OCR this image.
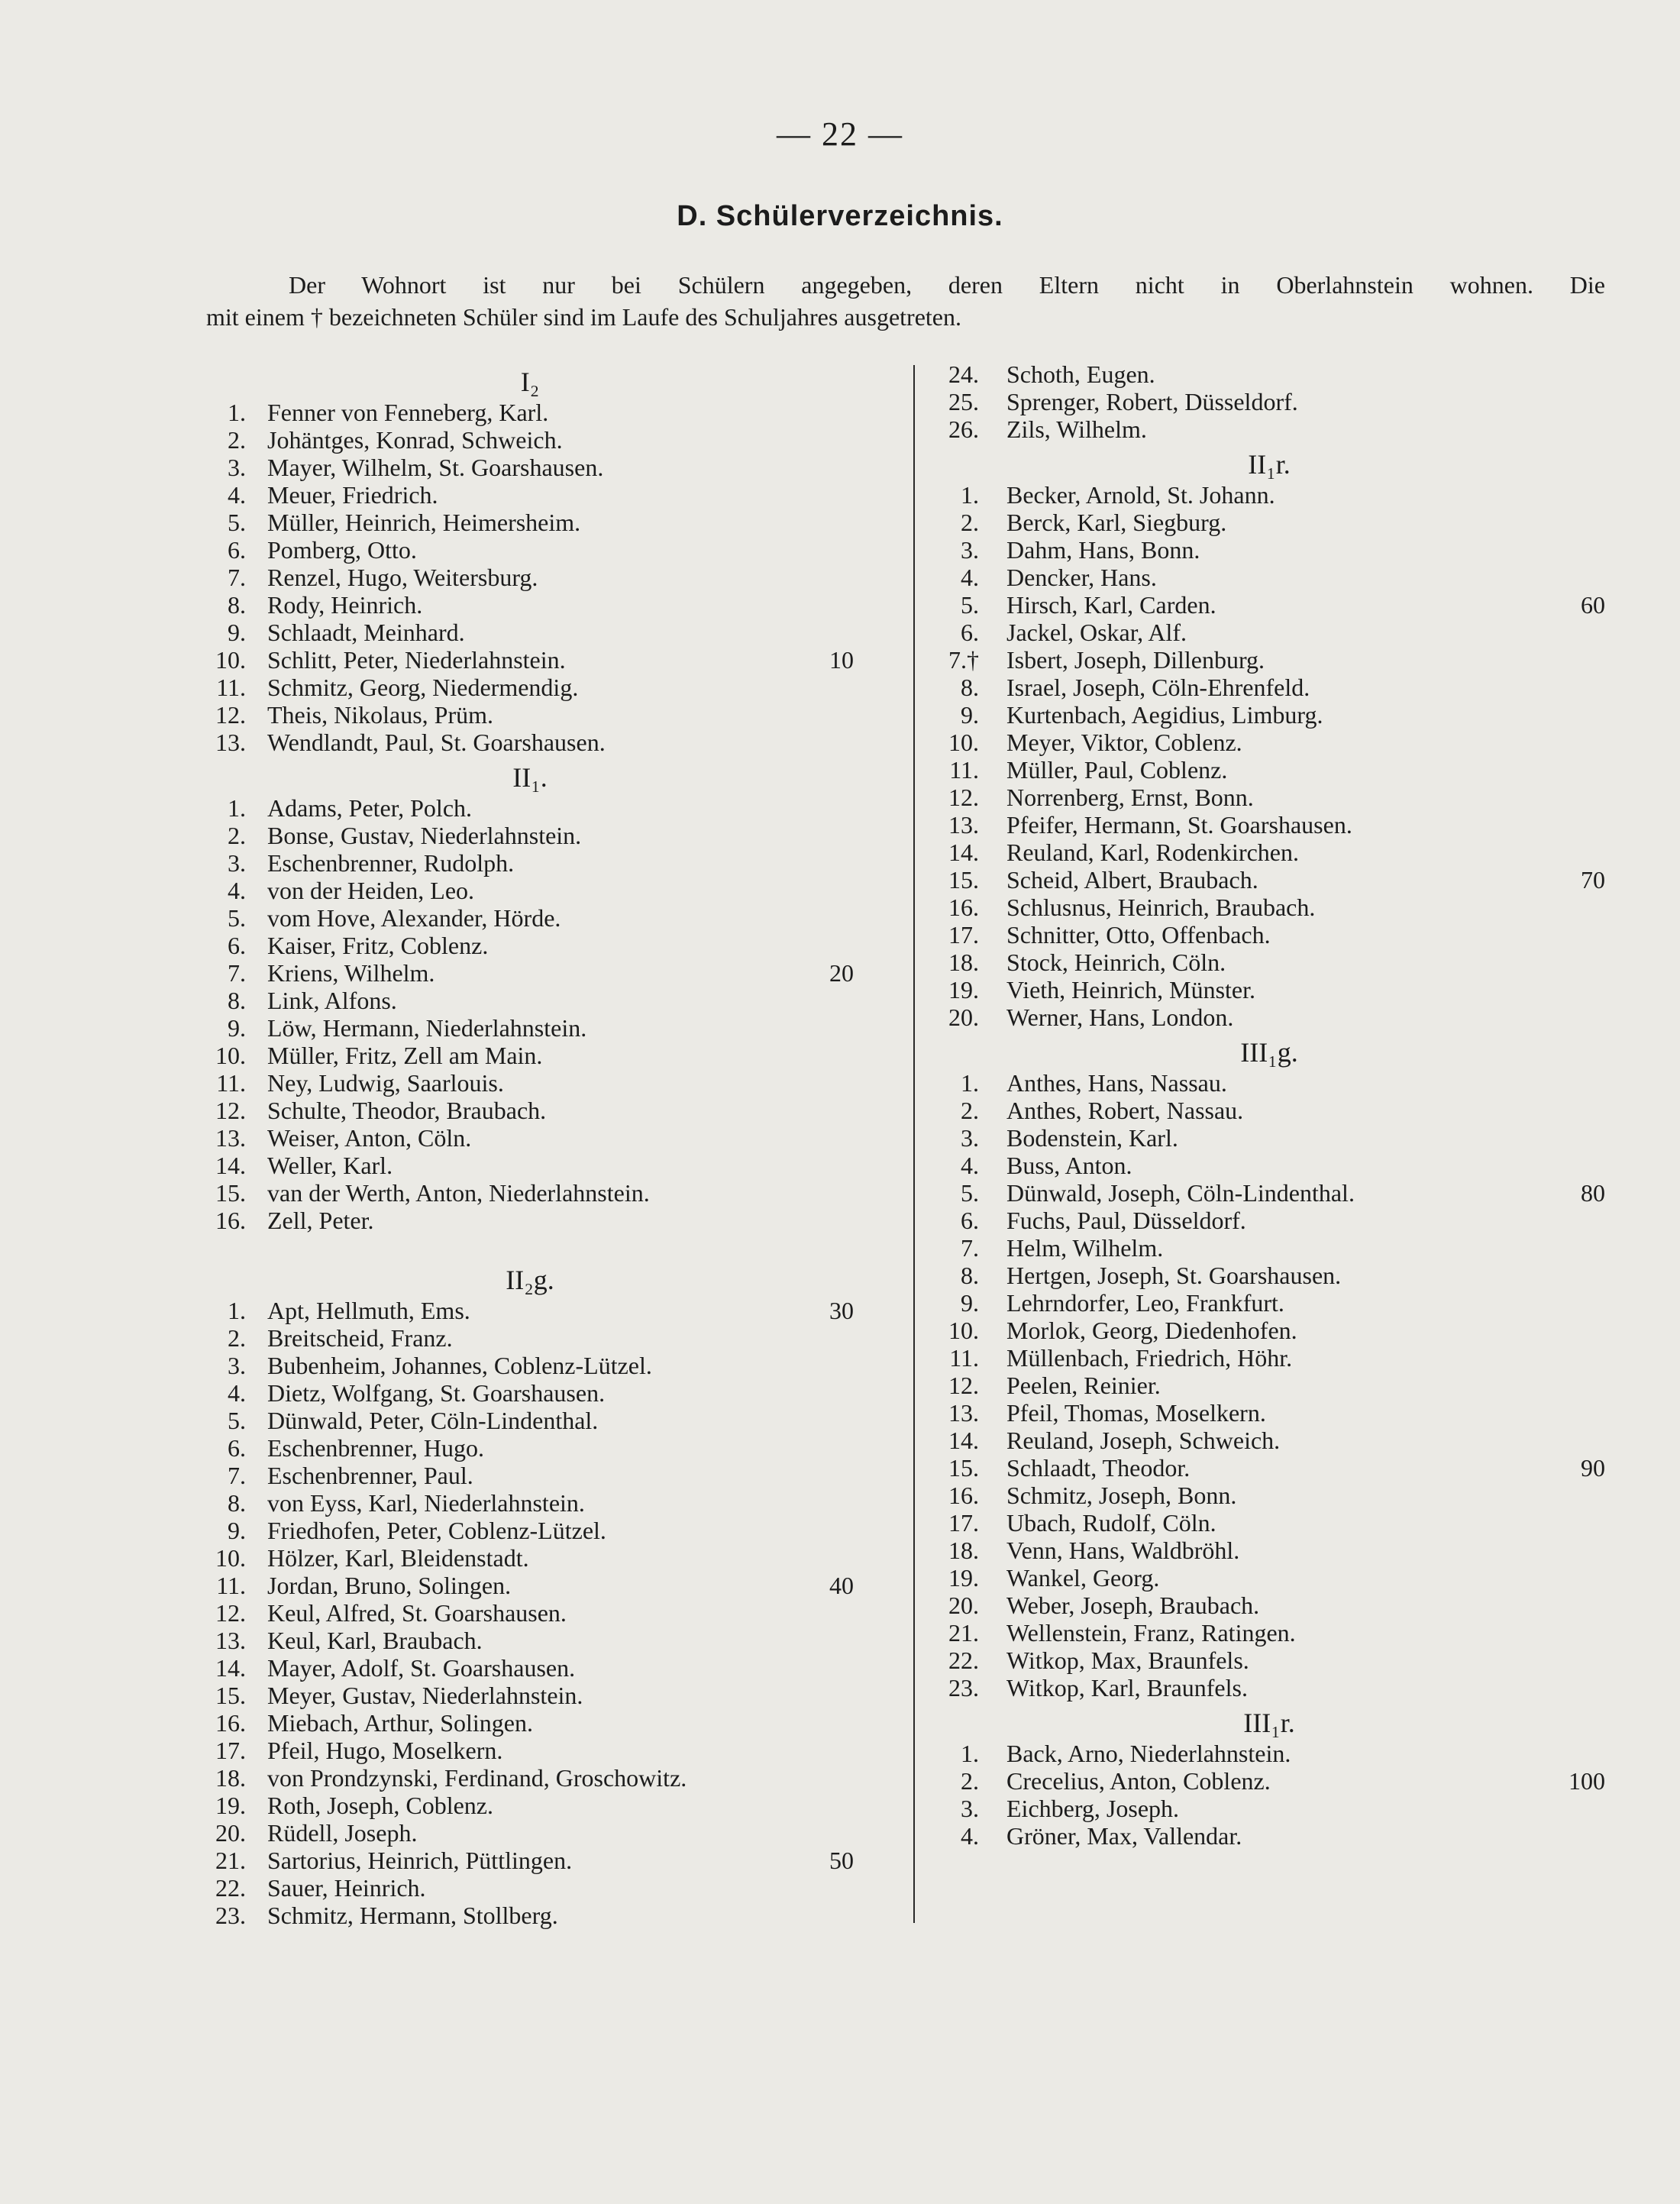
— 22 —
D. Schülerverzeichnis.
Der Wohnort ist nur bei Schülern angegeben, deren Eltern nicht in Oberlahnstein wohnen. Die
mit einem † bezeichneten Schüler sind im Laufe des Schuljahres ausgetreten.
I₂
1. Fenner von Fenneberg, Karl.
2. Johäntges, Konrad, Schweich.
3. Mayer, Wilhelm, St. Goarshausen.
4. Meuer, Friedrich.
5. Müller, Heinrich, Heimersheim.
6. Pomberg, Otto.
7. Renzel, Hugo, Weitersburg.
8. Rody, Heinrich.
9. Schlaadt, Meinhard.
10. Schlitt, Peter, Niederlahnstein.	10
11. Schmitz, Georg, Niedermendig.
12. Theis, Nikolaus, Prüm.
13. Wendlandt, Paul, St. Goarshausen.
II₁.
1. Adams, Peter, Polch.
2. Bonse, Gustav, Niederlahnstein.
3. Eschenbrenner, Rudolph.
4. von der Heiden, Leo.
5. vom Hove, Alexander, Hörde.
6. Kaiser, Fritz, Coblenz.
7. Kriens, Wilhelm.	20
8. Link, Alfons.
9. Löw, Hermann, Niederlahnstein.
10. Müller, Fritz, Zell am Main.
11. Ney, Ludwig, Saarlouis.
12. Schulte, Theodor, Braubach.
13. Weiser, Anton, Cöln.
14. Weller, Karl.
15. van der Werth, Anton, Niederlahnstein.
16. Zell, Peter.
II₂g.
1. Apt, Hellmuth, Ems.	30
2. Breitscheid, Franz.
3. Bubenheim, Johannes, Coblenz-Lützel.
4. Dietz, Wolfgang, St. Goarshausen.
5. Dünwald, Peter, Cöln-Lindenthal.
6. Eschenbrenner, Hugo.
7. Eschenbrenner, Paul.
8. von Eyss, Karl, Niederlahnstein.
9. Friedhofen, Peter, Coblenz-Lützel.
10. Hölzer, Karl, Bleidenstadt.
11. Jordan, Bruno, Solingen.	40
12. Keul, Alfred, St. Goarshausen.
13. Keul, Karl, Braubach.
14. Mayer, Adolf, St. Goarshausen.
15. Meyer, Gustav, Niederlahnstein.
16. Miebach, Arthur, Solingen.
17. Pfeil, Hugo, Moselkern.
18. von Prondzynski, Ferdinand, Groschowitz.
19. Roth, Joseph, Coblenz.
20. Rüdell, Joseph.
21. Sartorius, Heinrich, Püttlingen.	50
22. Sauer, Heinrich.
23. Schmitz, Hermann, Stollberg.
24. Schoth, Eugen.
25. Sprenger, Robert, Düsseldorf.
26. Zils, Wilhelm.
II₁r.
1. Becker, Arnold, St. Johann.
2. Berck, Karl, Siegburg.
3. Dahm, Hans, Bonn.
4. Dencker, Hans.
5. Hirsch, Karl, Carden.	60
6. Jackel, Oskar, Alf.
7.† Isbert, Joseph, Dillenburg.
8. Israel, Joseph, Cöln-Ehrenfeld.
9. Kurtenbach, Aegidius, Limburg.
10. Meyer, Viktor, Coblenz.
11. Müller, Paul, Coblenz.
12. Norrenberg, Ernst, Bonn.
13. Pfeifer, Hermann, St. Goarshausen.
14. Reuland, Karl, Rodenkirchen.
15. Scheid, Albert, Braubach.	70
16. Schlusnus, Heinrich, Braubach.
17. Schnitter, Otto, Offenbach.
18. Stock, Heinrich, Cöln.
19. Vieth, Heinrich, Münster.
20. Werner, Hans, London.
III₁g.
1. Anthes, Hans, Nassau.
2. Anthes, Robert, Nassau.
3. Bodenstein, Karl.
4. Buss, Anton.
5. Dünwald, Joseph, Cöln-Lindenthal.	80
6. Fuchs, Paul, Düsseldorf.
7. Helm, Wilhelm.
8. Hertgen, Joseph, St. Goarshausen.
9. Lehrndorfer, Leo, Frankfurt.
10. Morlok, Georg, Diedenhofen.
11. Müllenbach, Friedrich, Höhr.
12. Peelen, Reinier.
13. Pfeil, Thomas, Moselkern.
14. Reuland, Joseph, Schweich.
15. Schlaadt, Theodor.	90
16. Schmitz, Joseph, Bonn.
17. Ubach, Rudolf, Cöln.
18. Venn, Hans, Waldbröhl.
19. Wankel, Georg.
20. Weber, Joseph, Braubach.
21. Wellenstein, Franz, Ratingen.
22. Witkop, Max, Braunfels.
23. Witkop, Karl, Braunfels.
III₁r.
1. Back, Arno, Niederlahnstein.
2. Crecelius, Anton, Coblenz.	100
3. Eichberg, Joseph.
4. Gröner, Max, Vallendar.
